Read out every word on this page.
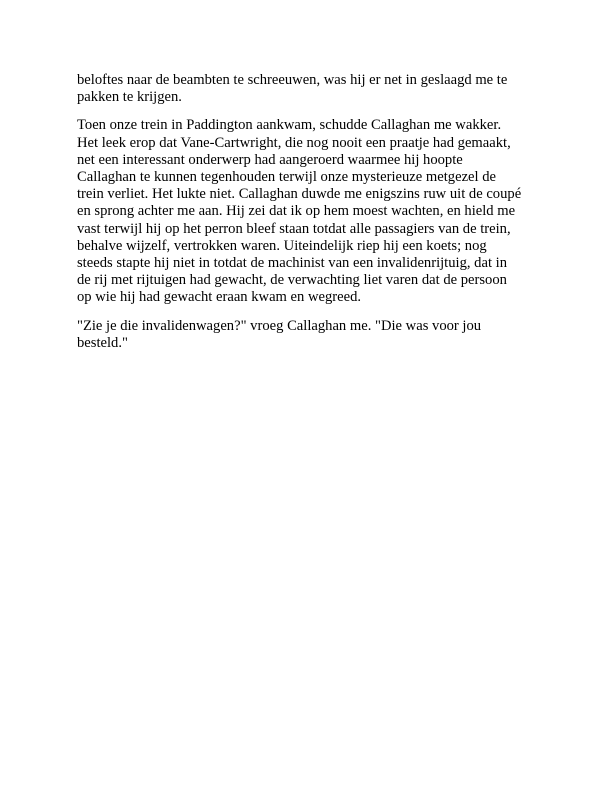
beloftes naar de beambten te schreeuwen, was hij er net in geslaagd me te
pakken te krijgen.

Toen onze trein in Paddington aankwam, schudde Callaghan me wakker.
Het leek erop dat Vane-Cartwright, die nog nooit een praatje had gemaakt,
net een interessant onderwerp had aangeroerd waarmee hij hoopte
Callaghan te kunnen tegenhouden terwijl onze mysterieuze metgezel de
trein verliet. Het lukte niet. Callaghan duwde me enigszins ruw uit de coupé
en sprong achter me aan. Hij zei dat ik op hem moest wachten, en hield me
vast terwijl hij op het perron bleef staan totdat alle passagiers van de trein,
behalve wijzelf, vertrokken waren. Uiteindelijk riep hij een koets; nog
steeds stapte hij niet in totdat de machinist van een invalidenrijtuig, dat in
de rij met rijtuigen had gewacht, de verwachting liet varen dat de persoon
op wie hij had gewacht eraan kwam en wegreed.

"Zie je die invalidenwagen?" vroeg Callaghan me. "Die was voor jou
besteld."
